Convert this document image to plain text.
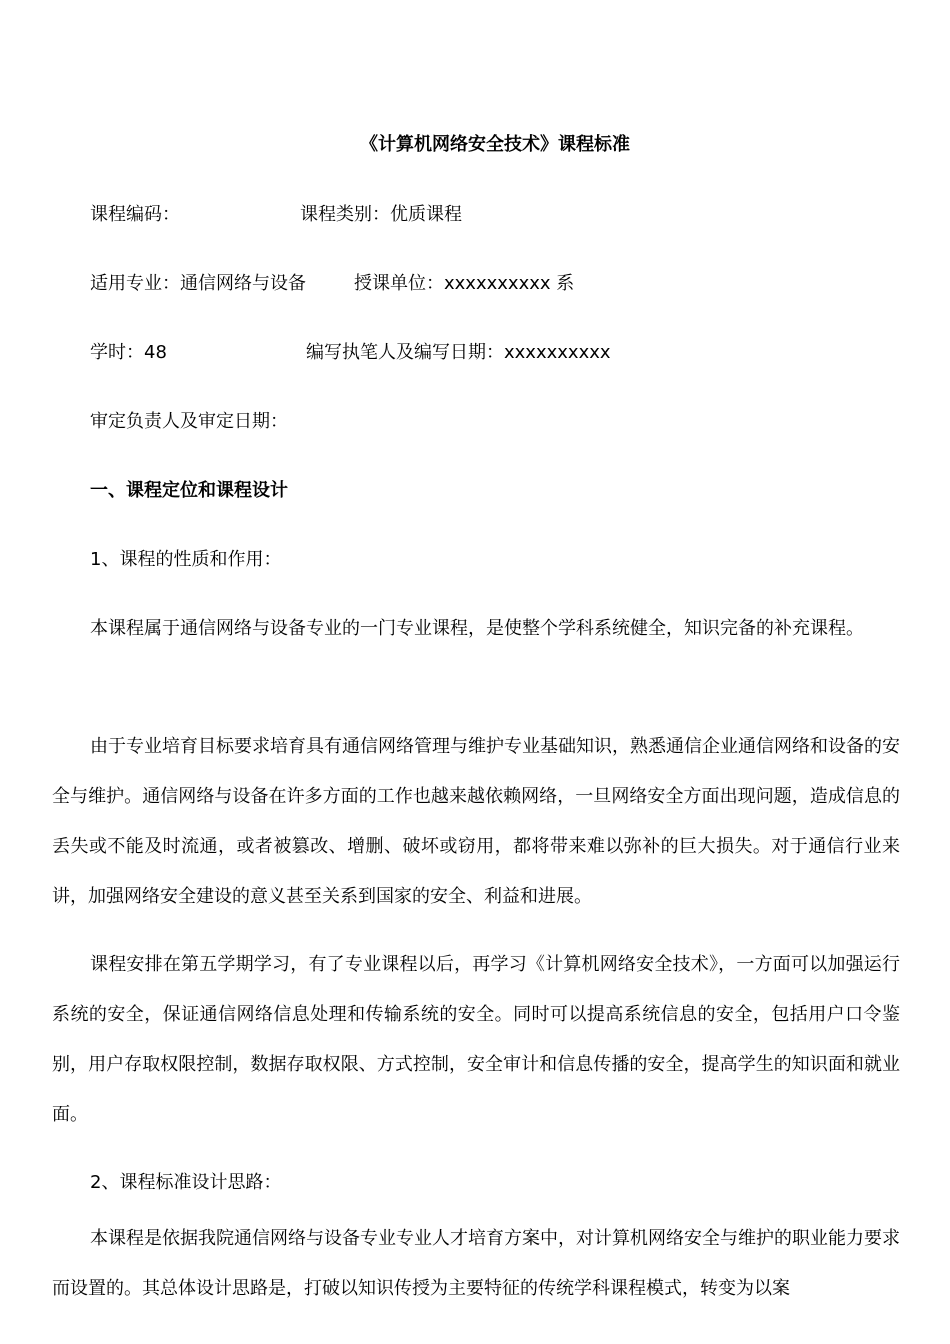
《计算机网络安全技术》课程标准
课程编码：	课程类别：优质课程
适用专业：通信网络与设备	授课单位：xxxxxxxxxx 系
学时：48	编写执笔人及编写日期：xxxxxxxxxx
审定负责人及审定日期：
一、课程定位和课程设计
1、课程的性质和作用：
本课程属于通信网络与设备专业的一门专业课程，是使整个学科系统健全，知识完备的补充课程。
由于专业培育目标要求培育具有通信网络管理与维护专业基础知识，熟悉通信企业通信网络和设备的安全与维护。通信网络与设备在许多方面的工作也越来越依赖网络，一旦网络安全方面出现问题，造成信息的丢失或不能及时流通，或者被篡改、增删、破坏或窃用，都将带来难以弥补的巨大损失。对于通信行业来讲，加强网络安全建设的意义甚至关系到国家的安全、利益和进展。
课程安排在第五学期学习，有了专业课程以后，再学习《计算机网络安全技术》，一方面可以加强运行系统的安全，保证通信网络信息处理和传输系统的安全。同时可以提高系统信息的安全，包括用户口令鉴别，用户存取权限控制，数据存取权限、方式控制，安全审计和信息传播的安全，提高学生的知识面和就业面。
2、课程标准设计思路：
本课程是依据我院通信网络与设备专业专业人才培育方案中，对计算机网络安全与维护的职业能力要求而设置的。其总体设计思路是，打破以知识传授为主要特征的传统学科课程模式，转变为以案
